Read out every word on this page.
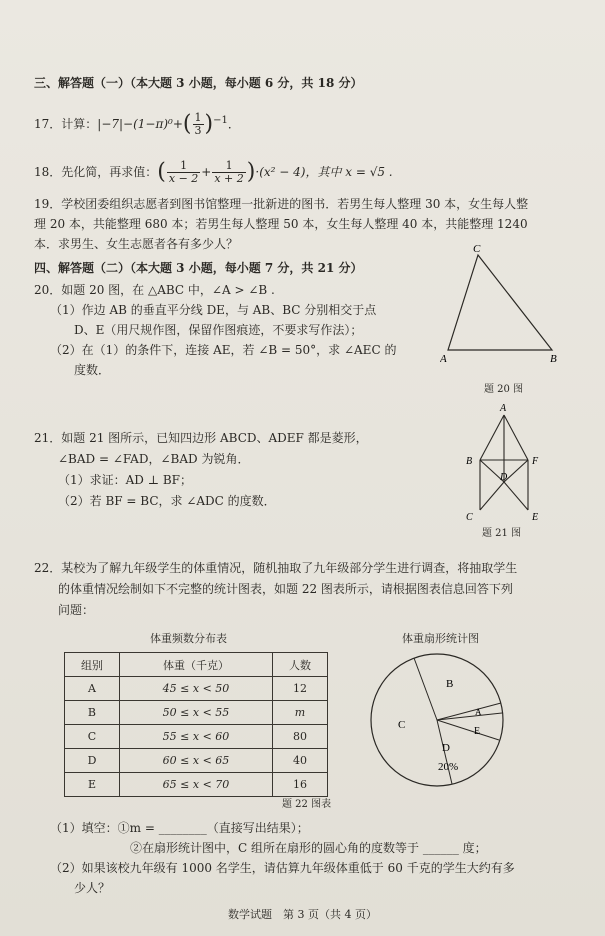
三、解答题（一）（本大题 3 小题，每小题 6 分，共 18 分）
17．计算：$|-7|-(1-\pi)^0+( \frac{1}{3} )^{-1}$．
18．先化简，再求值：( $\frac{1}{x - 2} + \frac{1}{x + 2} )\cdot(x^2 - 4)$，其中 x = √5 .
19．学校团委组织志愿者到图书馆整理一批新进的图书．若男生每人整理 30 本，女生每人整
理 20 本，共能整理 680 本；若男生每人整理 50 本，女生每人整理 40 本，共能整理 1240
本．求男生、女生志愿者各有多少人？
四、解答题（二）（本大题 3 小题，每小题 7 分，共 21 分）
20．如题 20 图，在 △ABC 中，∠A > ∠B .
（1）作边 AB 的垂直平分线 DE，与 AB、BC 分别相交于点
D、E（用尺规作图，保留作图痕迹，不要求写作法）；
（2）在（1）的条件下，连接 AE，若 ∠B = 50°，求 ∠AEC 的
度数．
C
A	B
题 20 图
21．如题 21 图所示，已知四边形 ABCD、ADEF 都是菱形，
∠BAD = ∠FAD，∠BAD 为锐角．
（1）求证：AD ⊥ BF；
（2）若 BF = BC，求 ∠ADC 的度数．
A
B	F
D
C	E
题 21 图
22．某校为了解九年级学生的体重情况，随机抽取了九年级部分学生进行调查，将抽取学生
的体重情况绘制如下不完整的统计图表，如题 22 图表所示，请根据图表信息回答下列
问题：
体重频数分布表
组别	体重（千克）	人数
A	45 ≤ x < 50	12
B	50 ≤ x < 55	m
C	55 ≤ x < 60	80
D	60 ≤ x < 65	40
E	65 ≤ x < 70	16
体重扇形统计图
B
C
A
E
D
20%
题 22 图表
（1）填空：①m = ________（直接写出结果）；
②在扇形统计图中，C 组所在扇形的圆心角的度数等于 ______ 度；
（2）如果该校九年级有 1000 名学生，请估算九年级体重低于 60 千克的学生大约有多
少人？
数学试题　第 3 页（共 4 页）
